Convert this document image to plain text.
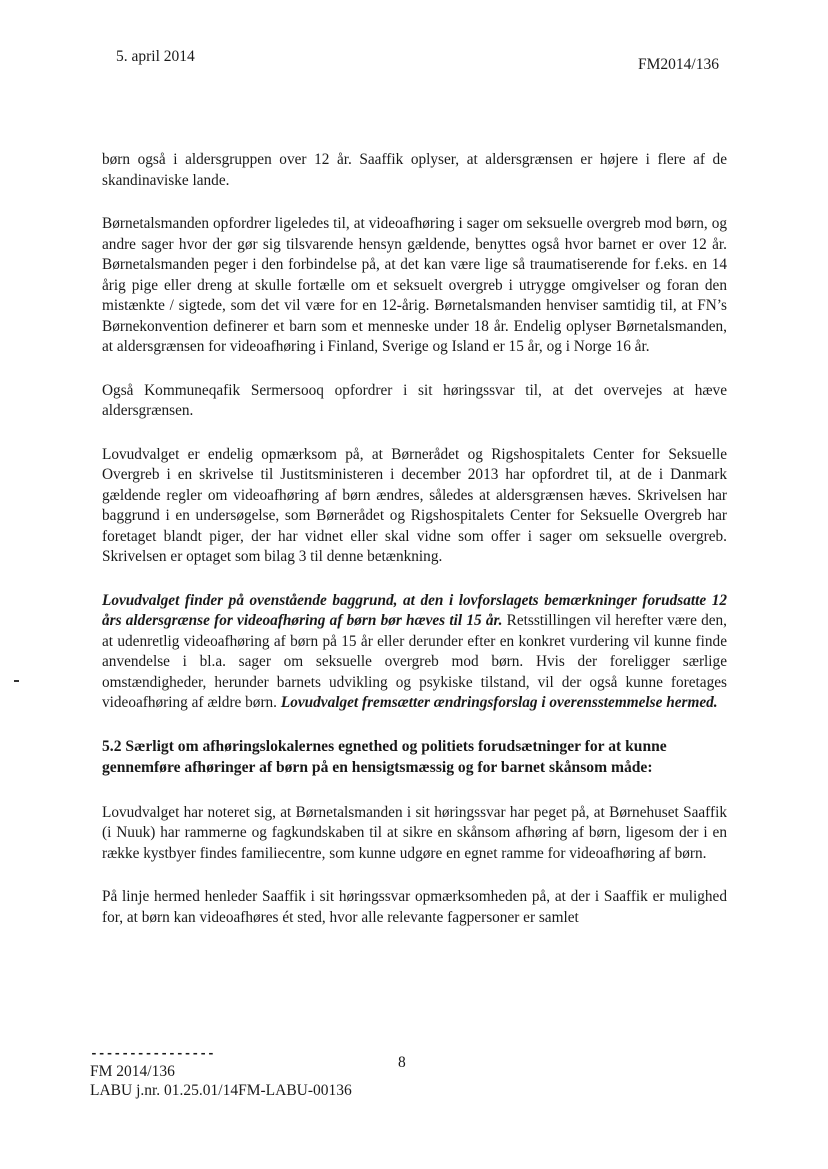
5. april 2014	FM2014/136

børn også i aldersgruppen over 12 år. Saaffik oplyser, at aldersgrænsen er højere i flere af de skandinaviske lande.

Børnetalsmanden opfordrer ligeledes til, at videoafhøring i sager om seksuelle overgreb mod børn, og andre sager hvor der gør sig tilsvarende hensyn gældende, benyttes også hvor barnet er over 12 år. Børnetalsmanden peger i den forbindelse på, at det kan være lige så traumatiserende for f.eks. en 14 årig pige eller dreng at skulle fortælle om et seksuelt overgreb i utrygge omgivelser og foran den mistænkte / sigtede, som det vil være for en 12-årig. Børnetalsmanden henviser samtidig til, at FN’s Børnekonvention definerer et barn som et menneske under 18 år. Endelig oplyser Børnetalsmanden, at aldersgrænsen for videoafhøring i Finland, Sverige og Island er 15 år, og i Norge 16 år.

Også Kommuneqafik Sermersooq opfordrer i sit høringssvar til, at det overvejes at hæve aldersgrænsen.

Lovudvalget er endelig opmærksom på, at Børnerådet og Rigshospitalets Center for Seksuelle Overgreb i en skrivelse til Justitsministeren i december 2013 har opfordret til, at de i Danmark gældende regler om videoafhøring af børn ændres, således at aldersgrænsen hæves. Skrivelsen har baggrund i en undersøgelse, som Børnerådet og Rigshospitalets Center for Seksuelle Overgreb har foretaget blandt piger, der har vidnet eller skal vidne som offer i sager om seksuelle overgreb. Skrivelsen er optaget som bilag 3 til denne betænkning.

Lovudvalget finder på ovenstående baggrund, at den i lovforslagets bemærkninger forudsatte 12 års aldersgrænse for videoafhøring af børn bør hæves til 15 år. Retsstillingen vil herefter være den, at udenretlig videoafhøring af børn på 15 år eller derunder efter en konkret vurdering vil kunne finde anvendelse i bl.a. sager om seksuelle overgreb mod børn. Hvis der foreligger særlige omstændigheder, herunder barnets udvikling og psykiske tilstand, vil der også kunne foretages videoafhøring af ældre børn. Lovudvalget fremsætter ændringsforslag i overensstemmelse hermed.

5.2 Særligt om afhøringslokalernes egnethed og politiets forudsætninger for at kunne gennemføre afhøringer af børn på en hensigtsmæssig og for barnet skånsom måde:

Lovudvalget har noteret sig, at Børnetalsmanden i sit høringssvar har peget på, at Børnehuset Saaffik (i Nuuk) har rammerne og fagkundskaben til at sikre en skånsom afhøring af børn, ligesom der i en række kystbyer findes familiecentre, som kunne udgøre en egnet ramme for videoafhøring af børn.

På linje hermed henleder Saaffik i sit høringssvar opmærksomheden på, at der i Saaffik er mulighed for, at børn kan videoafhøres ét sted, hvor alle relevante fagpersoner er samlet

----------------
8
FM 2014/136
LABU j.nr. 01.25.01/14FM-LABU-00136
